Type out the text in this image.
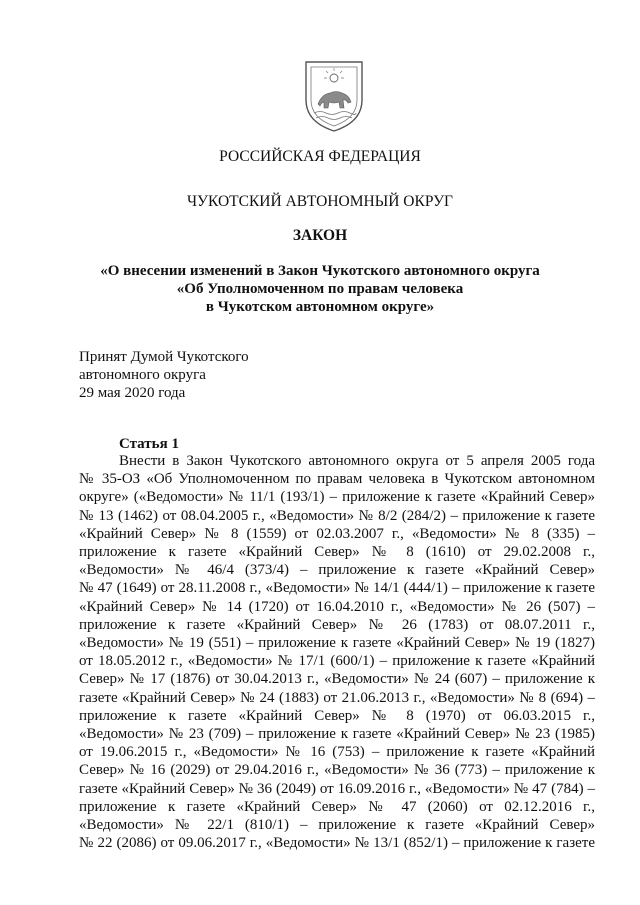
РОССИЙСКАЯ ФЕДЕРАЦИЯ
ЧУКОТСКИЙ АВТОНОМНЫЙ ОКРУГ
ЗАКОН
«О внесении изменений в Закон Чукотского автономного округа
«Об Уполномоченном по правам человека
в Чукотском автономном округе»
Принят Думой Чукотского
автономного округа
29 мая 2020 года
Статья 1
Внести в Закон Чукотского автономного округа от 5 апреля 2005 года
№ 35-ОЗ «Об Уполномоченном по правам человека в Чукотском автономном
округе» («Ведомости» № 11/1 (193/1) – приложение к газете «Крайний Север»
№ 13 (1462) от 08.04.2005 г., «Ведомости» № 8/2 (284/2) – приложение к газете
«Крайний Север» № 8 (1559) от 02.03.2007 г., «Ведомости» № 8 (335) –
приложение к газете «Крайний Север» № 8 (1610) от 29.02.2008 г.,
«Ведомости» № 46/4 (373/4) – приложение к газете «Крайний Север»
№ 47 (1649) от 28.11.2008 г., «Ведомости» № 14/1 (444/1) – приложение к газете
«Крайний Север» № 14 (1720) от 16.04.2010 г., «Ведомости» № 26 (507) –
приложение к газете «Крайний Север» № 26 (1783) от 08.07.2011 г.,
«Ведомости» № 19 (551) – приложение к газете «Крайний Север» № 19 (1827)
от 18.05.2012 г., «Ведомости» № 17/1 (600/1) – приложение к газете «Крайний
Север» № 17 (1876) от 30.04.2013 г., «Ведомости» № 24 (607) – приложение к
газете «Крайний Север» № 24 (1883) от 21.06.2013 г., «Ведомости» № 8 (694) –
приложение к газете «Крайний Север» № 8 (1970) от 06.03.2015 г.,
«Ведомости» № 23 (709) – приложение к газете «Крайний Север» № 23 (1985)
от 19.06.2015 г., «Ведомости» № 16 (753) – приложение к газете «Крайний
Север» № 16 (2029) от 29.04.2016 г., «Ведомости» № 36 (773) – приложение к
газете «Крайний Север» № 36 (2049) от 16.09.2016 г., «Ведомости» № 47 (784) –
приложение к газете «Крайний Север» № 47 (2060) от 02.12.2016 г.,
«Ведомости» № 22/1 (810/1) – приложение к газете «Крайний Север»
№ 22 (2086) от 09.06.2017 г., «Ведомости» № 13/1 (852/1) – приложение к газете
